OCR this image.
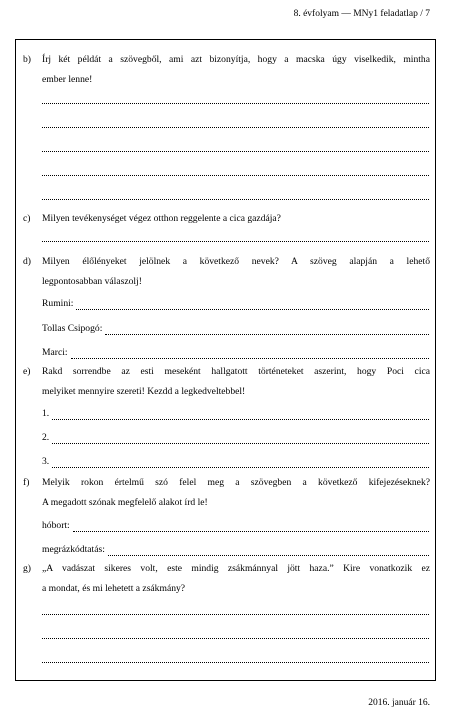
8. évfolyam — MNy1 feladatlap / 7
b) Írj két példát a szövegből, ami azt bizonyítja, hogy a macska úgy viselkedik, mintha
ember lenne!
c) Milyen tevékenységet végez otthon reggelente a cica gazdája?
d) Milyen élőlényeket jelölnek a következő nevek? A szöveg alapján a lehető
legpontosabban válaszolj!
Rumini:
Tollas Csipogó:
Marci:
e) Rakd sorrendbe az esti meseként hallgatott történeteket aszerint, hogy Poci cica
melyiket mennyire szereti! Kezdd a legkedveltebbel!
1.
2.
3.
f) Melyik rokon értelmű szó felel meg a szövegben a következő kifejezéseknek?
A megadott szónak megfelelő alakot írd le!
hóbort:
megrázkódtatás:
g) „A vadászat sikeres volt, este mindig zsákmánnyal jött haza.” Kire vonatkozik ez
a mondat, és mi lehetett a zsákmány?
2016. január 16.
